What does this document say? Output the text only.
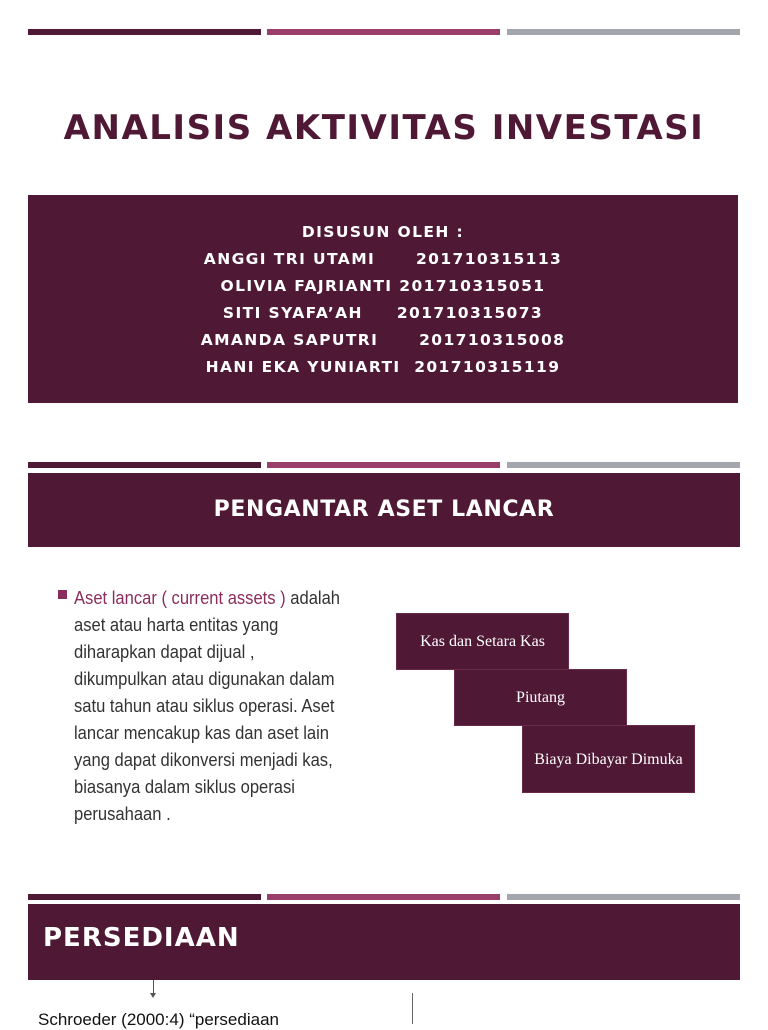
ANALISIS AKTIVITAS INVESTASI
DISUSUN OLEH :
ANGGI TRI UTAMI      201710315113
OLIVIA FAJRIANTI 201710315051
SITI SYAFA’AH     201710315073
AMANDA SAPUTRI      201710315008
HANI EKA YUNIARTI  201710315119
PENGANTAR ASET LANCAR
Aset lancar ( current assets ) adalah aset atau harta entitas yang diharapkan dapat dijual , dikumpulkan atau digunakan dalam satu tahun atau siklus operasi. Aset lancar mencakup kas dan aset lain yang dapat dikonversi menjadi kas, biasanya dalam siklus operasi perusahaan .
Kas dan Setara Kas
Piutang
Biaya Dibayar Dimuka
PERSEDIAAN
Schroeder (2000:4) “persediaan
